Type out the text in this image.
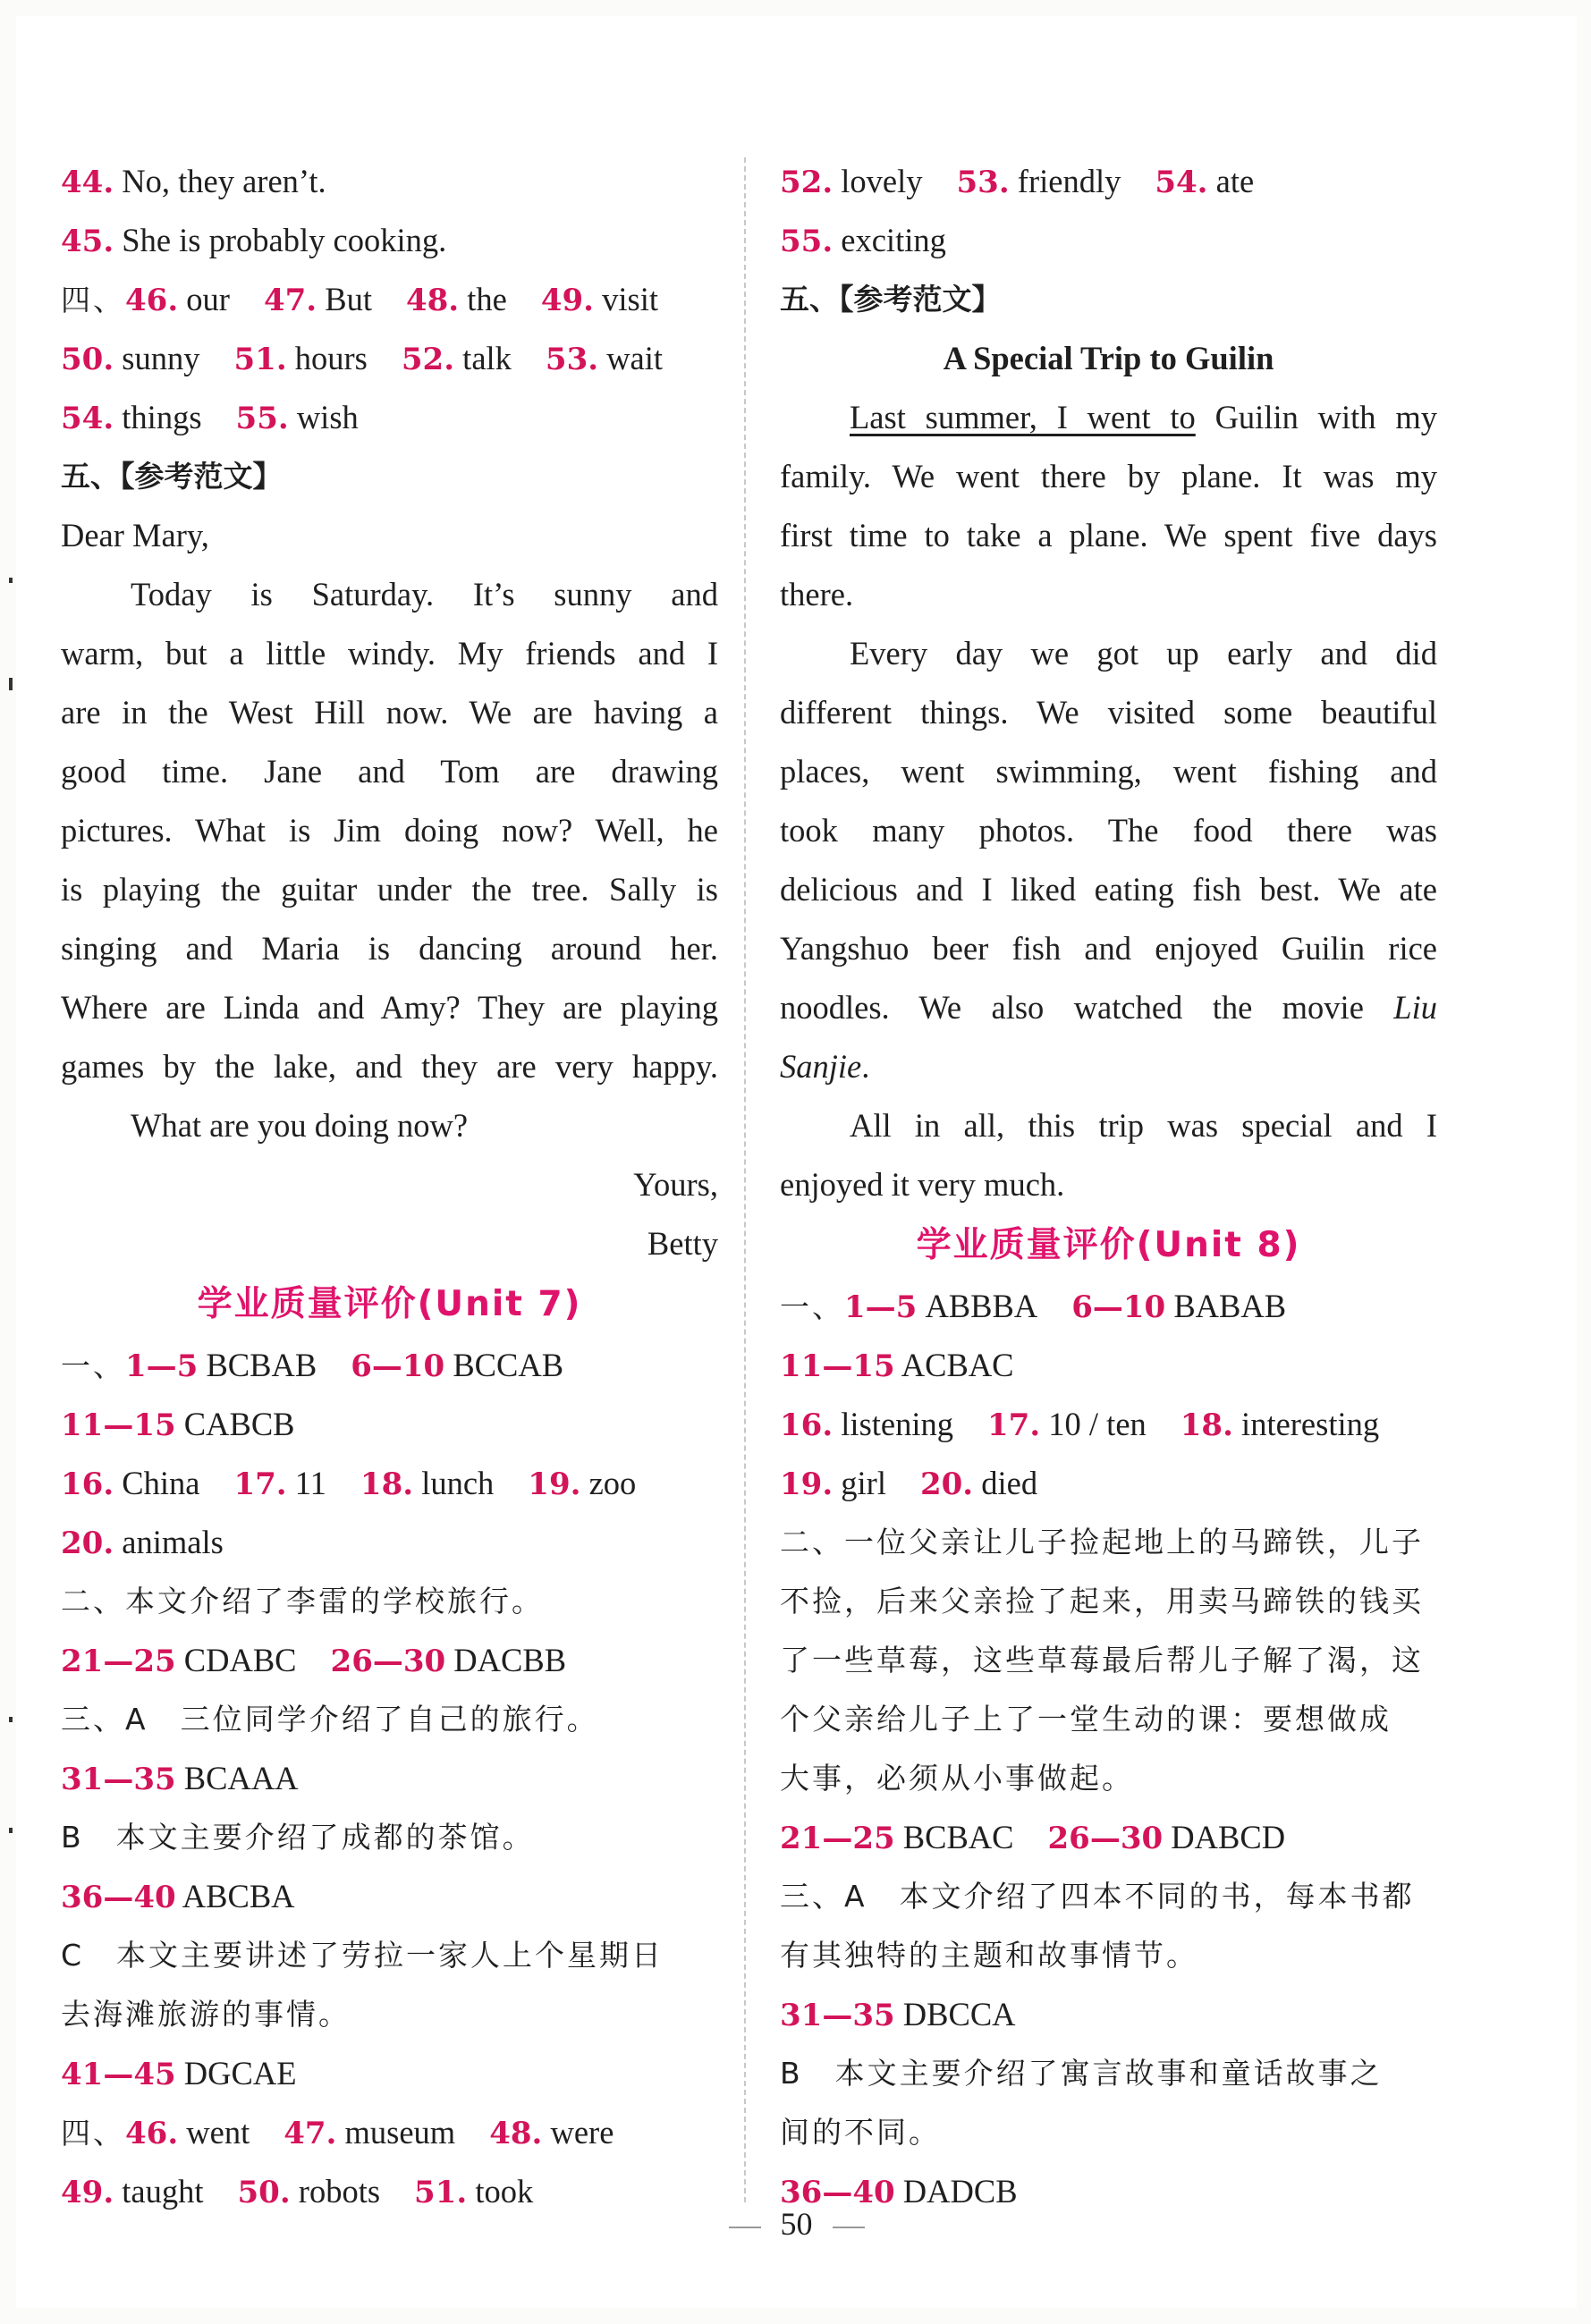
44. No, they aren’t.
45. She is probably cooking.
四、46. our 47. But 48. the 49. visit
50. sunny 51. hours 52. talk 53. wait
54. things 55. wish
五、【参考范文】
Dear Mary,
Today is Saturday. It’s sunny and
warm, but a little windy. My friends and I
are in the West Hill now. We are having a
good time. Jane and Tom are drawing
pictures. What is Jim doing now? Well, he
is playing the guitar under the tree. Sally is
singing and Maria is dancing around her.
Where are Linda and Amy? They are playing
games by the lake, and they are very happy.
What are you doing now?
Yours,
Betty
学业质量评价(Unit 7)
一、1—5 BCBAB 6—10 BCCAB
11—15 CABCB
16. China 17. 11 18. lunch 19. zoo
20. animals
二、本文介绍了李雷的学校旅行。
21—25 CDABC 26—30 DACBB
三、A　三位同学介绍了自己的旅行。
31—35 BCAAA
B　本文主要介绍了成都的茶馆。
36—40 ABCBA
C　本文主要讲述了劳拉一家人上个星期日
去海滩旅游的事情。
41—45 DGCAE
四、46. went 47. museum 48. were
49. taught 50. robots 51. took
52. lovely 53. friendly 54. ate
55. exciting
五、【参考范文】
A Special Trip to Guilin
Last summer, I went to Guilin with my
family. We went there by plane. It was my
first time to take a plane. We spent five days
there.
Every day we got up early and did
different things. We visited some beautiful
places, went swimming, went fishing and
took many photos. The food there was
delicious and I liked eating fish best. We ate
Yangshuo beer fish and enjoyed Guilin rice
noodles. We also watched the movie Liu
Sanjie.
All in all, this trip was special and I
enjoyed it very much.
学业质量评价(Unit 8)
一、1—5 ABBBA 6—10 BABAB
11—15 ACBAC
16. listening 17. 10 / ten 18. interesting
19. girl 20. died
二、一位父亲让儿子捡起地上的马蹄铁，儿子
不捡，后来父亲捡了起来，用卖马蹄铁的钱买
了一些草莓，这些草莓最后帮儿子解了渴，这
个父亲给儿子上了一堂生动的课：要想做成
大事，必须从小事做起。
21—25 BCBAC 26—30 DABCD
三、A　本文介绍了四本不同的书，每本书都
有其独特的主题和故事情节。
31—35 DBCCA
B　本文主要介绍了寓言故事和童话故事之
间的不同。
36—40 DADCB
50
